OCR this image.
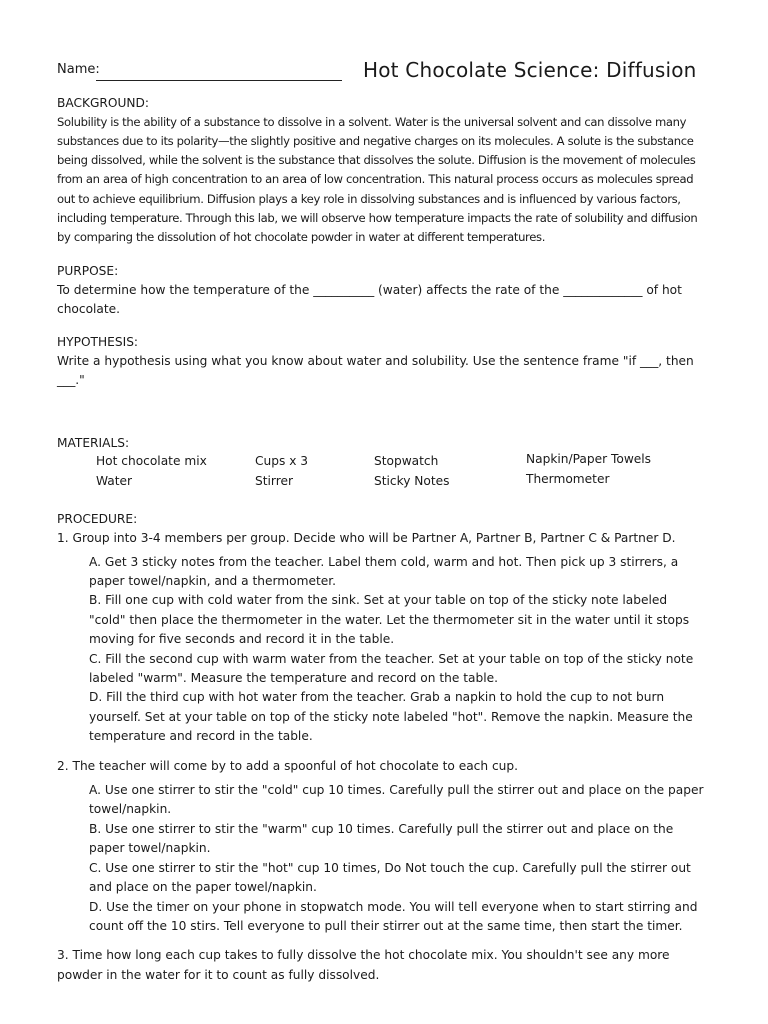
Name:	Hot Chocolate Science: Diffusion

BACKGROUND:

Solubility is the ability of a substance to dissolve in a solvent. Water is the universal solvent and can dissolve many substances due to its polarity—the slightly positive and negative charges on its molecules. A solute is the substance being dissolved, while the solvent is the substance that dissolves the solute. Diffusion is the movement of molecules from an area of high concentration to an area of low concentration. This natural process occurs as molecules spread out to achieve equilibrium. Diffusion plays a key role in dissolving substances and is influenced by various factors, including temperature. Through this lab, we will observe how temperature impacts the rate of solubility and diffusion by comparing the dissolution of hot chocolate powder in water at different temperatures.

PURPOSE:

To determine how the temperature of the __________ (water) affects the rate of the _____________ of hot chocolate.

HYPOTHESIS:

Write a hypothesis using what you know about water and solubility. Use the sentence frame "if ___, then ___."

MATERIALS:

Hot chocolate mix
Water
Cups x 3
Stirrer
Stopwatch
Sticky Notes
Napkin/Paper Towels
Thermometer

PROCEDURE:

1. Group into 3-4 members per group. Decide who will be Partner A, Partner B, Partner C & Partner D.

A. Get 3 sticky notes from the teacher. Label them cold, warm and hot. Then pick up 3 stirrers, a paper towel/napkin, and a thermometer.

B. Fill one cup with cold water from the sink. Set at your table on top of the sticky note labeled "cold" then place the thermometer in the water. Let the thermometer sit in the water until it stops moving for five seconds and record it in the table.

C. Fill the second cup with warm water from the teacher. Set at your table on top of the sticky note labeled "warm". Measure the temperature and record on the table.

D. Fill the third cup with hot water from the teacher. Grab a napkin to hold the cup to not burn yourself. Set at your table on top of the sticky note labeled "hot". Remove the napkin. Measure the temperature and record in the table.

2. The teacher will come by to add a spoonful of hot chocolate to each cup.

A. Use one stirrer to stir the "cold" cup 10 times. Carefully pull the stirrer out and place on the paper towel/napkin.

B. Use one stirrer to stir the "warm" cup 10 times. Carefully pull the stirrer out and place on the paper towel/napkin.

C. Use one stirrer to stir the "hot" cup 10 times, Do Not touch the cup. Carefully pull the stirrer out and place on the paper towel/napkin.

D. Use the timer on your phone in stopwatch mode. You will tell everyone when to start stirring and count off the 10 stirs. Tell everyone to pull their stirrer out at the same time, then start the timer.

3. Time how long each cup takes to fully dissolve the hot chocolate mix. You shouldn't see any more powder in the water for it to count as fully dissolved.
